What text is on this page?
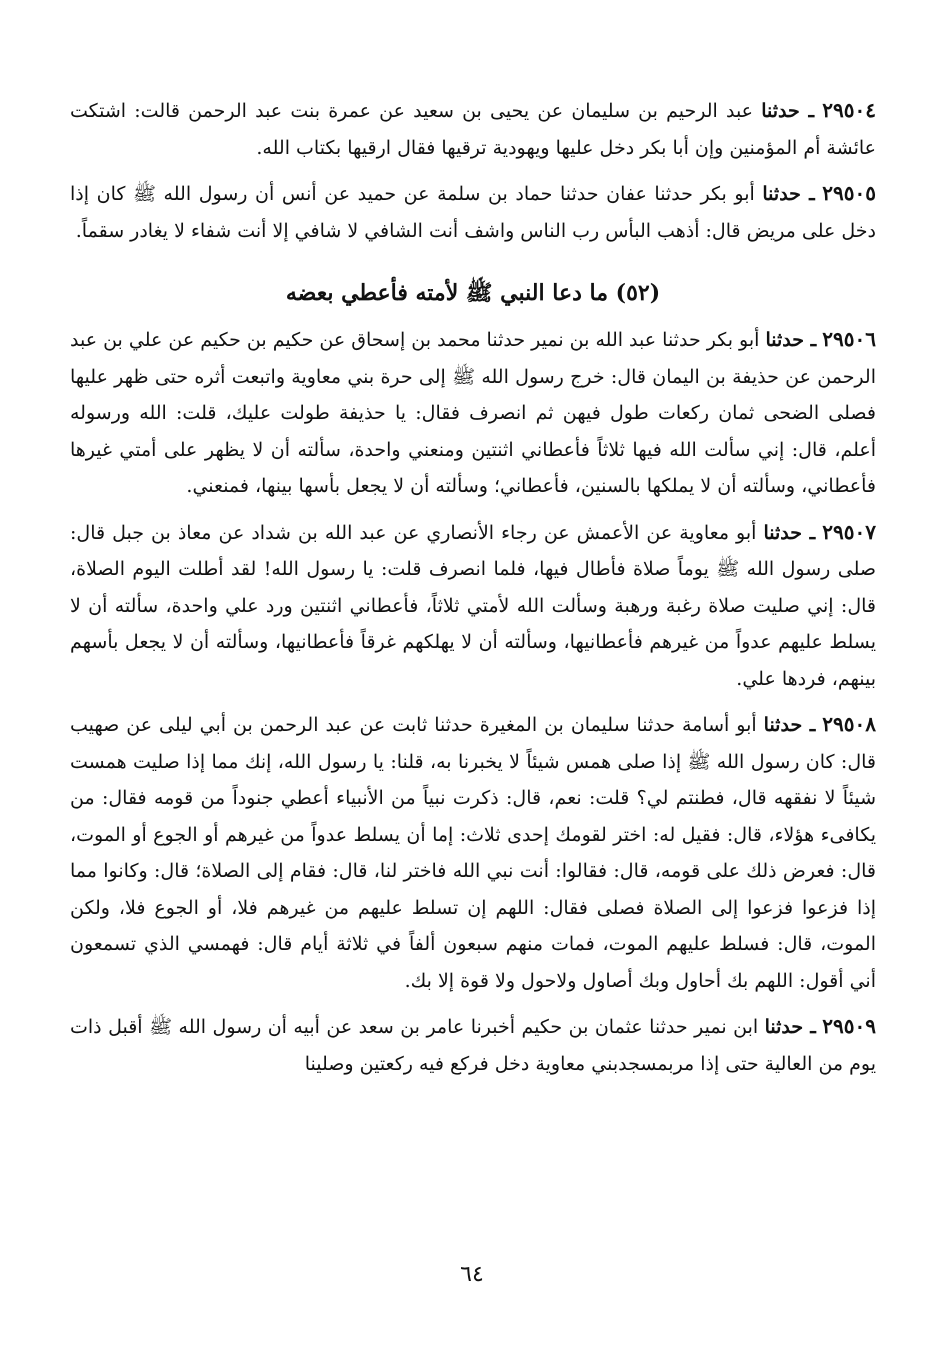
٢٩٥٠٤ ـ حدثنا عبد الرحيم بن سليمان عن يحيى بن سعيد عن عمرة بنت عبد الرحمن قالت: اشتكت عائشة أم المؤمنين وإن أبا بكر دخل عليها ويهودية ترقيها فقال ارقيها بكتاب الله.

٢٩٥٠٥ ـ حدثنا أبو بكر حدثنا عفان حدثنا حماد بن سلمة عن حميد عن أنس أن رسول الله ﷺ كان إذا دخل على مريض قال: أذهب البأس رب الناس واشف أنت الشافي لا شافي إلا أنت شفاء لا يغادر سقماً.

(٥٢) ما دعا النبي ﷺ لأمته فأعطي بعضه

٢٩٥٠٦ ـ حدثنا أبو بكر حدثنا عبد الله بن نمير حدثنا محمد بن إسحاق عن حكيم بن حكيم عن علي بن عبد الرحمن عن حذيفة بن اليمان قال: خرج رسول الله ﷺ إلى حرة بني معاوية واتبعت أثره حتى ظهر عليها فصلى الضحى ثمان ركعات طول فيهن ثم انصرف فقال: يا حذيفة طولت عليك، قلت: الله ورسوله أعلم، قال: إني سألت الله فيها ثلاثاً فأعطاني اثنتين ومنعني واحدة، سألته أن لا يظهر على أمتي غيرها فأعطاني، وسألته أن لا يملكها بالسنين، فأعطاني؛ وسألته أن لا يجعل بأسها بينها، فمنعني.

٢٩٥٠٧ ـ حدثنا أبو معاوية عن الأعمش عن رجاء الأنصاري عن عبد الله بن شداد عن معاذ بن جبل قال: صلى رسول الله ﷺ يوماً صلاة فأطال فيها، فلما انصرف قلت: يا رسول الله! لقد أطلت اليوم الصلاة، قال: إني صليت صلاة رغبة ورهبة وسألت الله لأمتي ثلاثاً، فأعطاني اثنتين ورد علي واحدة، سألته أن لا يسلط عليهم عدواً من غيرهم فأعطانيها، وسألته أن لا يهلكهم غرقاً فأعطانيها، وسألته أن لا يجعل بأسهم بينهم، فردها علي.

٢٩٥٠٨ ـ حدثنا أبو أسامة حدثنا سليمان بن المغيرة حدثنا ثابت عن عبد الرحمن بن أبي ليلى عن صهيب قال: كان رسول الله ﷺ إذا صلى همس شيئاً لا يخبرنا به، قلنا: يا رسول الله، إنك مما إذا صليت همست شيئاً لا نفقهه قال، فطنتم لي؟ قلت: نعم، قال: ذكرت نبياً من الأنبياء أعطي جنوداً من قومه فقال: من يكافىء هؤلاء، قال: فقيل له: اختر لقومك إحدى ثلاث: إما أن يسلط عدواً من غيرهم أو الجوع أو الموت، قال: فعرض ذلك على قومه، قال: فقالوا: أنت نبي الله فاختر لنا، قال: فقام إلى الصلاة؛ قال: وكانوا مما إذا فزعوا فزعوا إلى الصلاة فصلى فقال: اللهم إن تسلط عليهم من غيرهم فلا، أو الجوع فلا، ولكن الموت، قال: فسلط عليهم الموت، فمات منهم سبعون ألفاً في ثلاثة أيام قال: فهمسي الذي تسمعون أني أقول: اللهم بك أحاول وبك أصاول ولاحول ولا قوة إلا بك.

٢٩٥٠٩ ـ حدثنا ابن نمير حدثنا عثمان بن حكيم أخبرنا عامر بن سعد عن أبيه أن رسول الله ﷺ أقبل ذات يوم من العالية حتى إذا مربمسجدبني معاوية دخل فركع فيه ركعتين وصلينا

٦٤
